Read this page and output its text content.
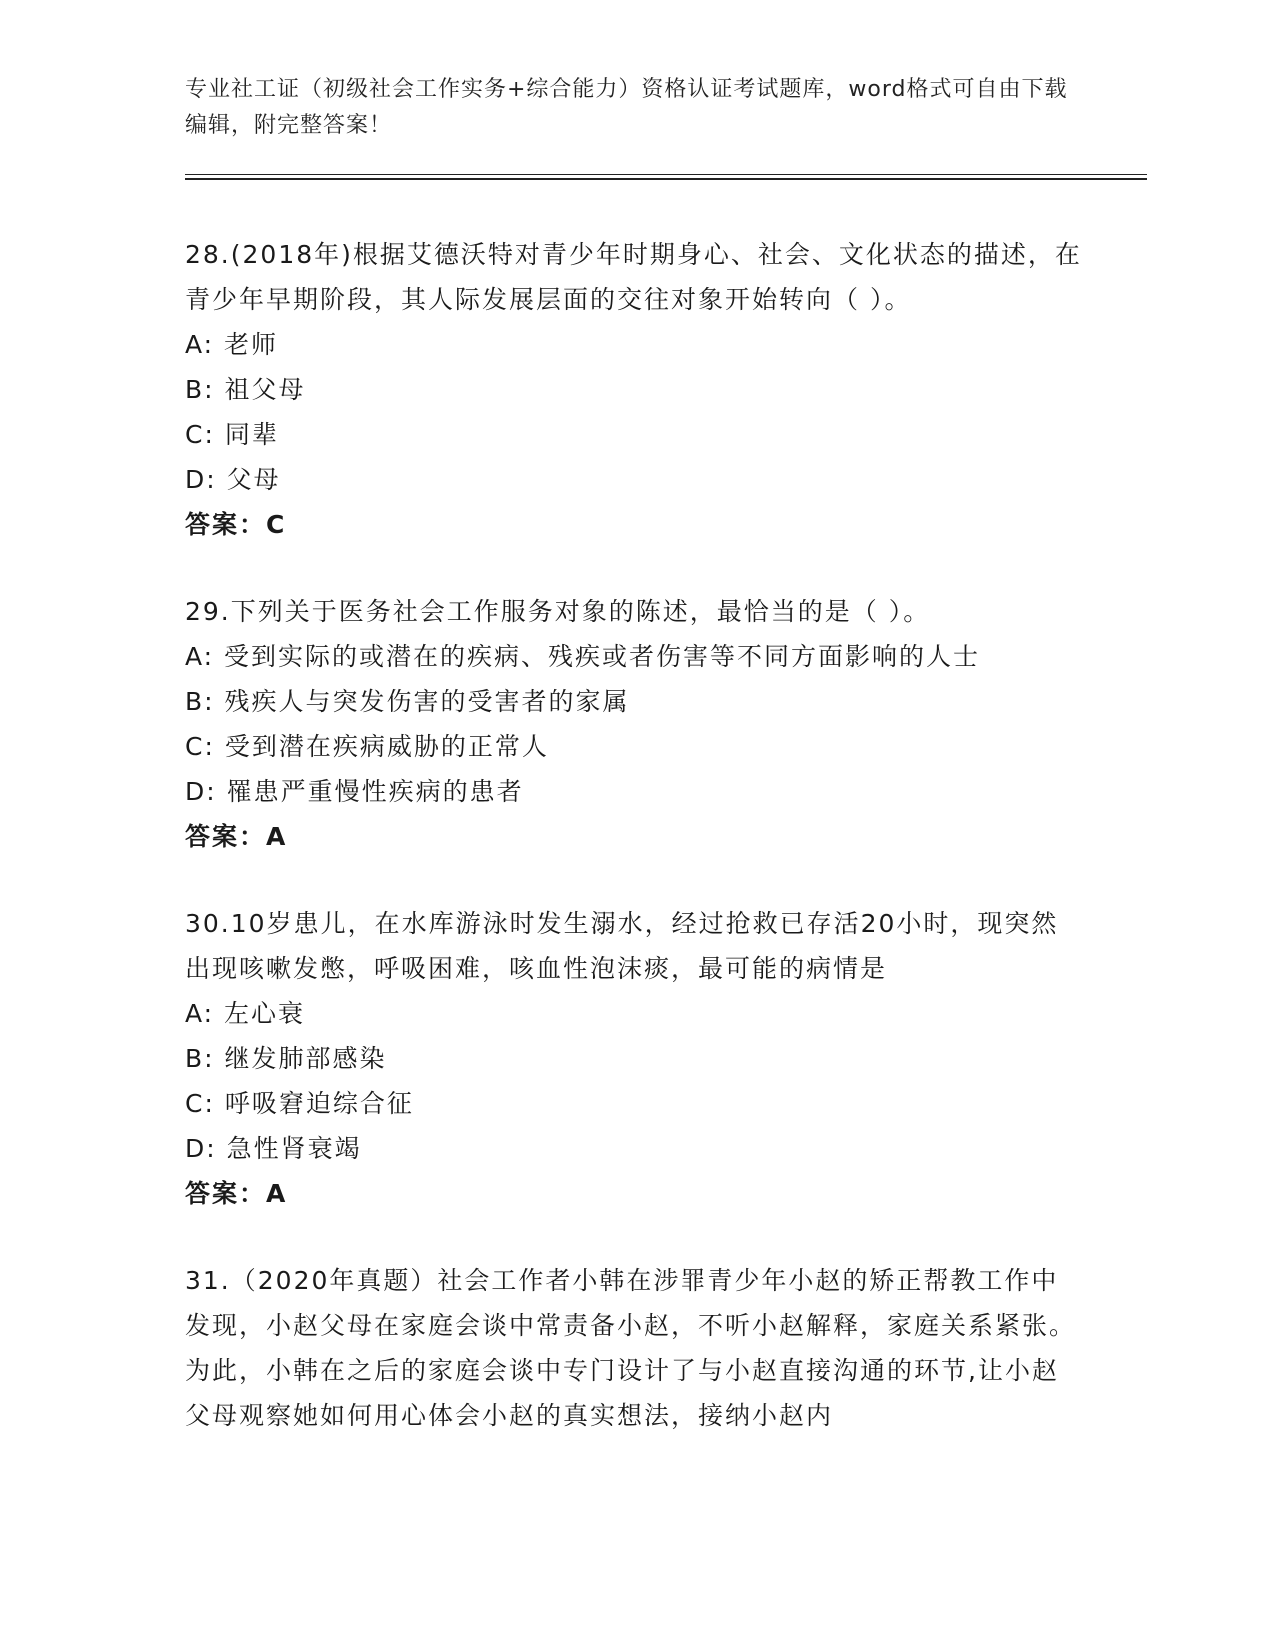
专业社工证（初级社会工作实务+综合能力）资格认证考试题库，word格式可自由下载编辑，附完整答案！
28.(2018年)根据艾德沃特对青少年时期身心、社会、文化状态的描述，在青少年早期阶段，其人际发展层面的交往对象开始转向（ ）。
A: 老师
B: 祖父母
C: 同辈
D: 父母
答案：C
29.下列关于医务社会工作服务对象的陈述，最恰当的是（ ）。
A: 受到实际的或潜在的疾病、残疾或者伤害等不同方面影响的人士
B: 残疾人与突发伤害的受害者的家属
C: 受到潜在疾病威胁的正常人
D: 罹患严重慢性疾病的患者
答案：A
30.10岁患儿，在水库游泳时发生溺水，经过抢救已存活20小时，现突然出现咳嗽发憋，呼吸困难，咳血性泡沫痰，最可能的病情是
A: 左心衰
B: 继发肺部感染
C: 呼吸窘迫综合征
D: 急性肾衰竭
答案：A
31.（2020年真题）社会工作者小韩在涉罪青少年小赵的矫正帮教工作中发现，小赵父母在家庭会谈中常责备小赵，不听小赵解释，家庭关系紧张。为此，小韩在之后的家庭会谈中专门设计了与小赵直接沟通的环节,让小赵父母观察她如何用心体会小赵的真实想法，接纳小赵内
